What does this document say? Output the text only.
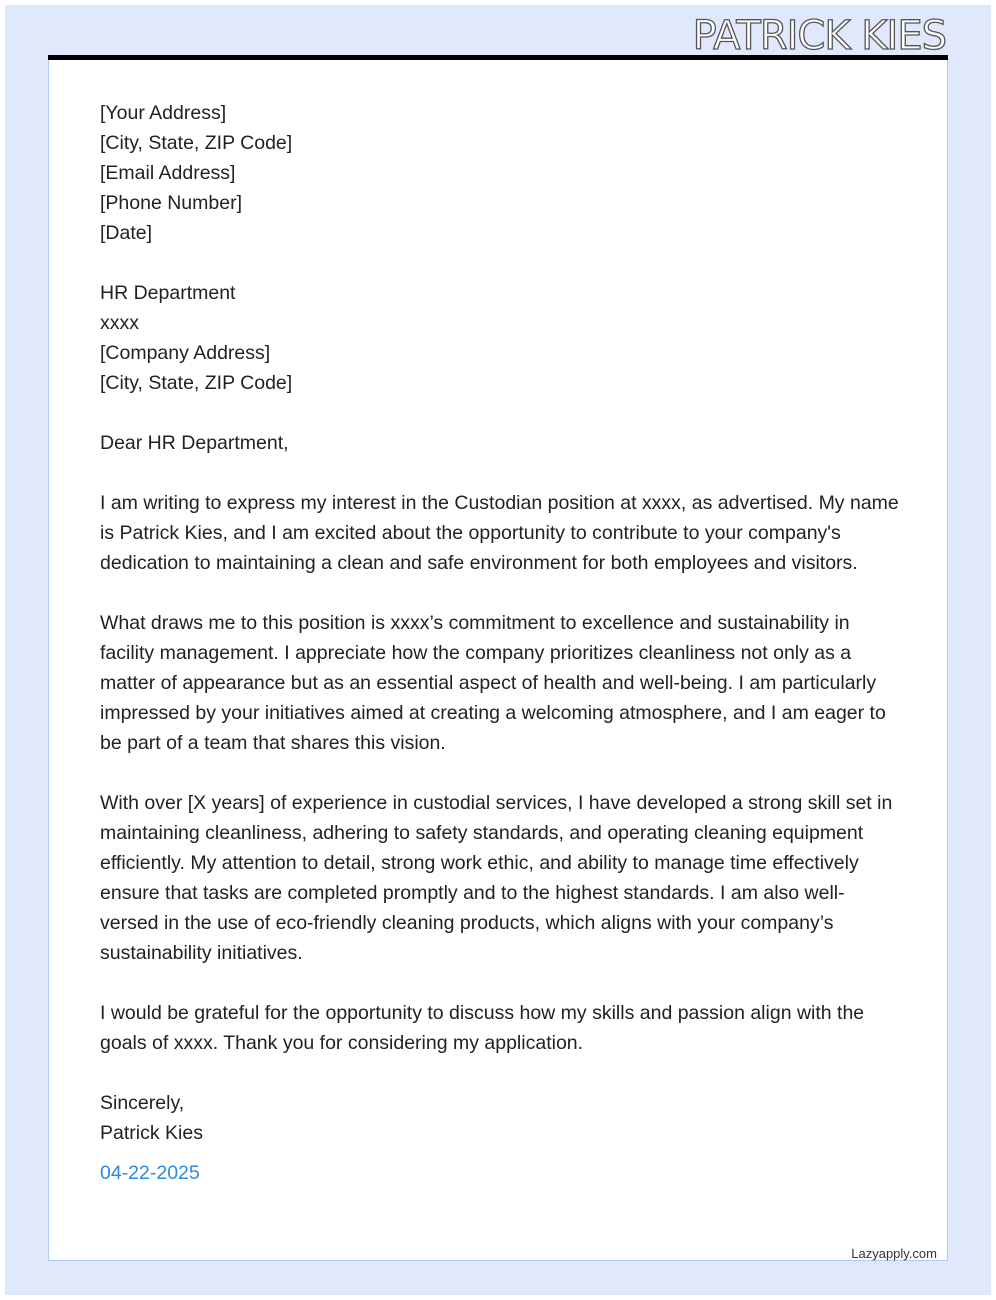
PATRICK KIES

[Your Address]
[City, State, ZIP Code]
[Email Address]
[Phone Number]
[Date]

HR Department
xxxx
[Company Address]
[City, State, ZIP Code]

Dear HR Department,

I am writing to express my interest in the Custodian position at xxxx, as advertised. My name is Patrick Kies, and I am excited about the opportunity to contribute to your company's dedication to maintaining a clean and safe environment for both employees and visitors.

What draws me to this position is xxxx’s commitment to excellence and sustainability in facility management. I appreciate how the company prioritizes cleanliness not only as a matter of appearance but as an essential aspect of health and well-being. I am particularly impressed by your initiatives aimed at creating a welcoming atmosphere, and I am eager to be part of a team that shares this vision.

With over [X years] of experience in custodial services, I have developed a strong skill set in maintaining cleanliness, adhering to safety standards, and operating cleaning equipment efficiently. My attention to detail, strong work ethic, and ability to manage time effectively ensure that tasks are completed promptly and to the highest standards. I am also well-versed in the use of eco-friendly cleaning products, which aligns with your company’s sustainability initiatives.

I would be grateful for the opportunity to discuss how my skills and passion align with the goals of xxxx. Thank you for considering my application.

Sincerely,
Patrick Kies

04-22-2025
Lazyapply.com
